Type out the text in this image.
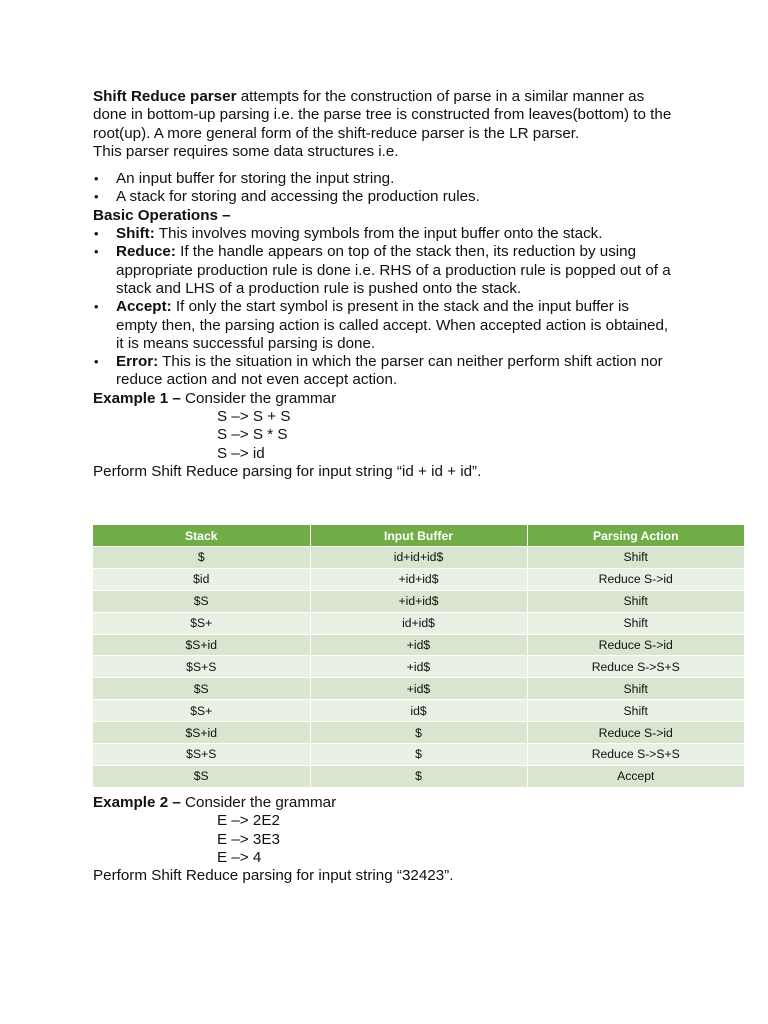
Shift Reduce parser attempts for the construction of parse in a similar manner as done in bottom-up parsing i.e. the parse tree is constructed from leaves(bottom) to the root(up). A more general form of the shift-reduce parser is the LR parser.

This parser requires some data structures i.e.

• An input buffer for storing the input string.
• A stack for storing and accessing the production rules.

Basic Operations –

• Shift: This involves moving symbols from the input buffer onto the stack.
• Reduce: If the handle appears on top of the stack then, its reduction by using appropriate production rule is done i.e. RHS of a production rule is popped out of a stack and LHS of a production rule is pushed onto the stack.
• Accept: If only the start symbol is present in the stack and the input buffer is empty then, the parsing action is called accept. When accepted action is obtained, it is means successful parsing is done.
• Error: This is the situation in which the parser can neither perform shift action nor reduce action and not even accept action.

Example 1 – Consider the grammar

S –> S + S

S –> S * S

S –> id

Perform Shift Reduce parsing for input string “id + id + id”.

Stack	Input Buffer	Parsing Action
$	id+id+id$	Shift
$id	+id+id$	Reduce S->id
$S	+id+id$	Shift
$S+	id+id$	Shift
$S+id	+id$	Reduce S->id
$S+S	+id$	Reduce S->S+S
$S	+id$	Shift
$S+	id$	Shift
$S+id	$	Reduce S->id
$S+S	$	Reduce S->S+S
$S	$	Accept

Example 2 – Consider the grammar

E –> 2E2

E –> 3E3

E –> 4

Perform Shift Reduce parsing for input string “32423”.
